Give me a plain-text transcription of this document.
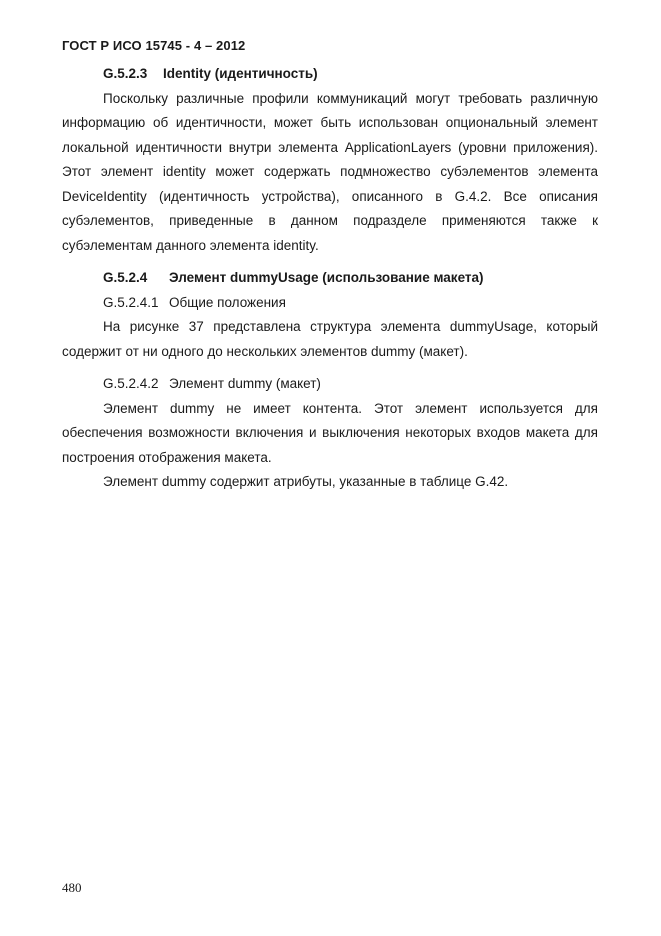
ГОСТ Р ИСО 15745 - 4 – 2012
G.5.2.3 Identity (идентичность)

Поскольку различные профили коммуникаций могут требовать различную информацию об идентичности, может быть использован опциональный элемент локальной идентичности внутри элемента ApplicationLayers (уровни приложения). Этот элемент identity может содержать подмножество субэлементов элемента DeviceIdentity (идентичность устройства), описанного в G.4.2. Все описания субэлементов, приведенные в данном подразделе применяются также к субэлементам данного элемента identity.

G.5.2.4 Элемент dummyUsage (использование макета)
G.5.2.4.1 Общие положения

На рисунке 37 представлена структура элемента dummyUsage, который содержит от ни одного до нескольких элементов dummy (макет).

G.5.2.4.2 Элемент dummy (макет)

Элемент dummy не имеет контента. Этот элемент используется для обеспечения возможности включения и выключения некоторых входов макета для построения отображения макета.

Элемент dummy содержит атрибуты, указанные в таблице G.42.

480
